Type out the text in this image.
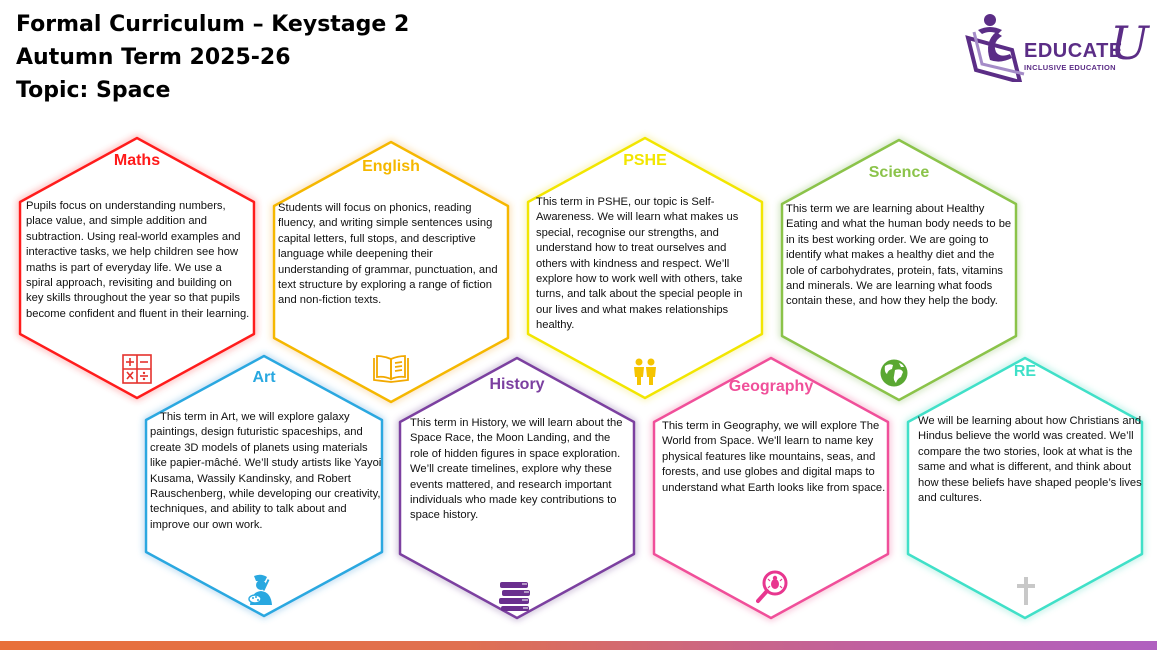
Formal Curriculum – Keystage 2
Autumn Term 2025-26
Topic: Space
EDUCATE
U
INCLUSIVE EDUCATION
Maths
Pupils focus on understanding numbers, place value, and simple addition and subtraction. Using real-world examples and interactive tasks, we help children see how maths is part of everyday life. We use a spiral approach, revisiting and building on key skills throughout the year so that pupils become confident and fluent in their learning.
English
Students will focus on phonics, reading fluency, and writing simple sentences using capital letters, full stops, and descriptive language while deepening their understanding of grammar, punctuation, and text structure by exploring a range of fiction and non-fiction texts.
PSHE
This term in PSHE, our topic is Self-Awareness. We will learn what makes us special, recognise our strengths, and understand how to treat ourselves and others with kindness and respect. We’ll explore how to work well with others, take turns, and talk about the special people in our lives and what makes relationships healthy.
Science
This term we are learning about Healthy Eating and what the human body needs to be in its best working order. We are going to identify what makes a healthy diet and the role of carbohydrates, protein, fats, vitamins and minerals. We are learning what foods contain these, and how they help the body.
Art
This term in Art, we will explore galaxy paintings, design futuristic spaceships, and create 3D models of planets using materials like papier-mâché. We’ll study artists like Yayoi Kusama, Wassily Kandinsky, and Robert Rauschenberg, while developing our creativity, techniques, and ability to talk about and improve our own work.
History
This term in History, we will learn about the Space Race, the Moon Landing, and the role of hidden figures in space exploration. We’ll create timelines, explore why these events mattered, and research important individuals who made key contributions to space history.
Geography
This term in Geography, we will explore The World from Space. We'll learn to name key physical features like mountains, seas, and forests, and use globes and digital maps to understand what Earth looks like from space.
RE
We will be learning about how Christians and Hindus believe the world was created. We’ll compare the two stories, look at what is the same and what is different, and think about how these beliefs have shaped people’s lives and cultures.
